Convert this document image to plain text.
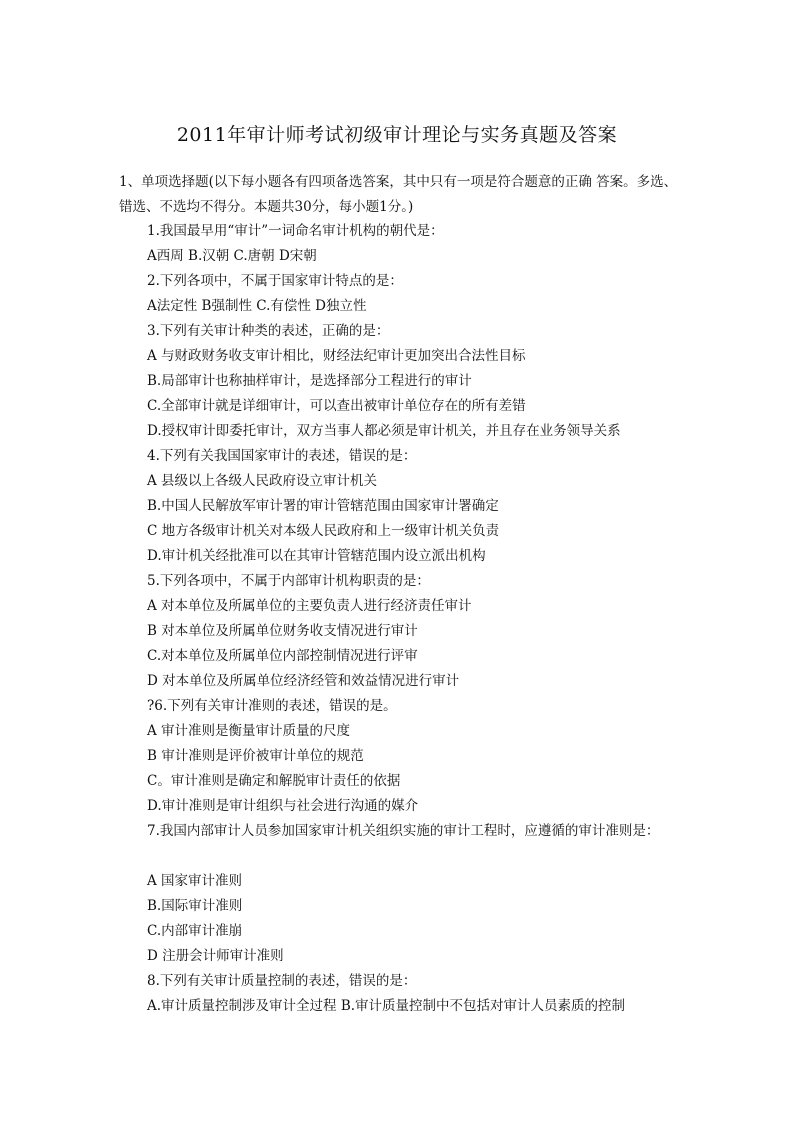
2011年审计师考试初级审计理论与实务真题及答案
1、单项选择题(以下每小题各有四项备选答案，其中只有一项是符合题意的正确 答案。多选、错选、不选均不得分。本题共30分，每小题1分。)
1.我国最早用“审计”一词命名审计机构的朝代是：
A西周 B.汉朝 C.唐朝 D宋朝
2.下列各项中，不属于国家审计特点的是：
A法定性 B强制性 C.有偿性 D独立性
3.下列有关审计种类的表述，正确的是：
A 与财政财务收支审计相比，财经法纪审计更加突出合法性目标
B.局部审计也称抽样审计，是选择部分工程进行的审计
C.全部审计就是详细审计，可以查出被审计单位存在的所有差错
D.授权审计即委托审计，双方当事人都必须是审计机关，并且存在业务领导关系
4.下列有关我国国家审计的表述，错误的是：
A 县级以上各级人民政府设立审计机关
B.中国人民解放军审计署的审计管辖范围由国家审计署确定
C 地方各级审计机关对本级人民政府和上一级审计机关负责
D.审计机关经批准可以在其审计管辖范围内设立派出机构
5.下列各项中，不属于内部审计机构职责的是：
A 对本单位及所属单位的主要负责人进行经济责任审计
B 对本单位及所属单位财务收支情况进行审计
C.对本单位及所属单位内部控制情况进行评审
D 对本单位及所属单位经济经管和效益情况进行审计
?6.下列有关审计准则的表述，错误的是。
A 审计准则是衡量审计质量的尺度
B 审计准则是评价被审计单位的规范
C。审计准则是确定和解脱审计责任的依据
D.审计准则是审计组织与社会进行沟通的媒介
7.我国内部审计人员参加国家审计机关组织实施的审计工程时，应遵循的审计准则是：
A 国家审计准则
B.国际审计准则
C.内部审计准崩
D 注册会计师审计准则
8.下列有关审计质量控制的表述，错误的是：
A.审计质量控制涉及审计全过程 B.审计质量控制中不包括对审计人员素质的控制
